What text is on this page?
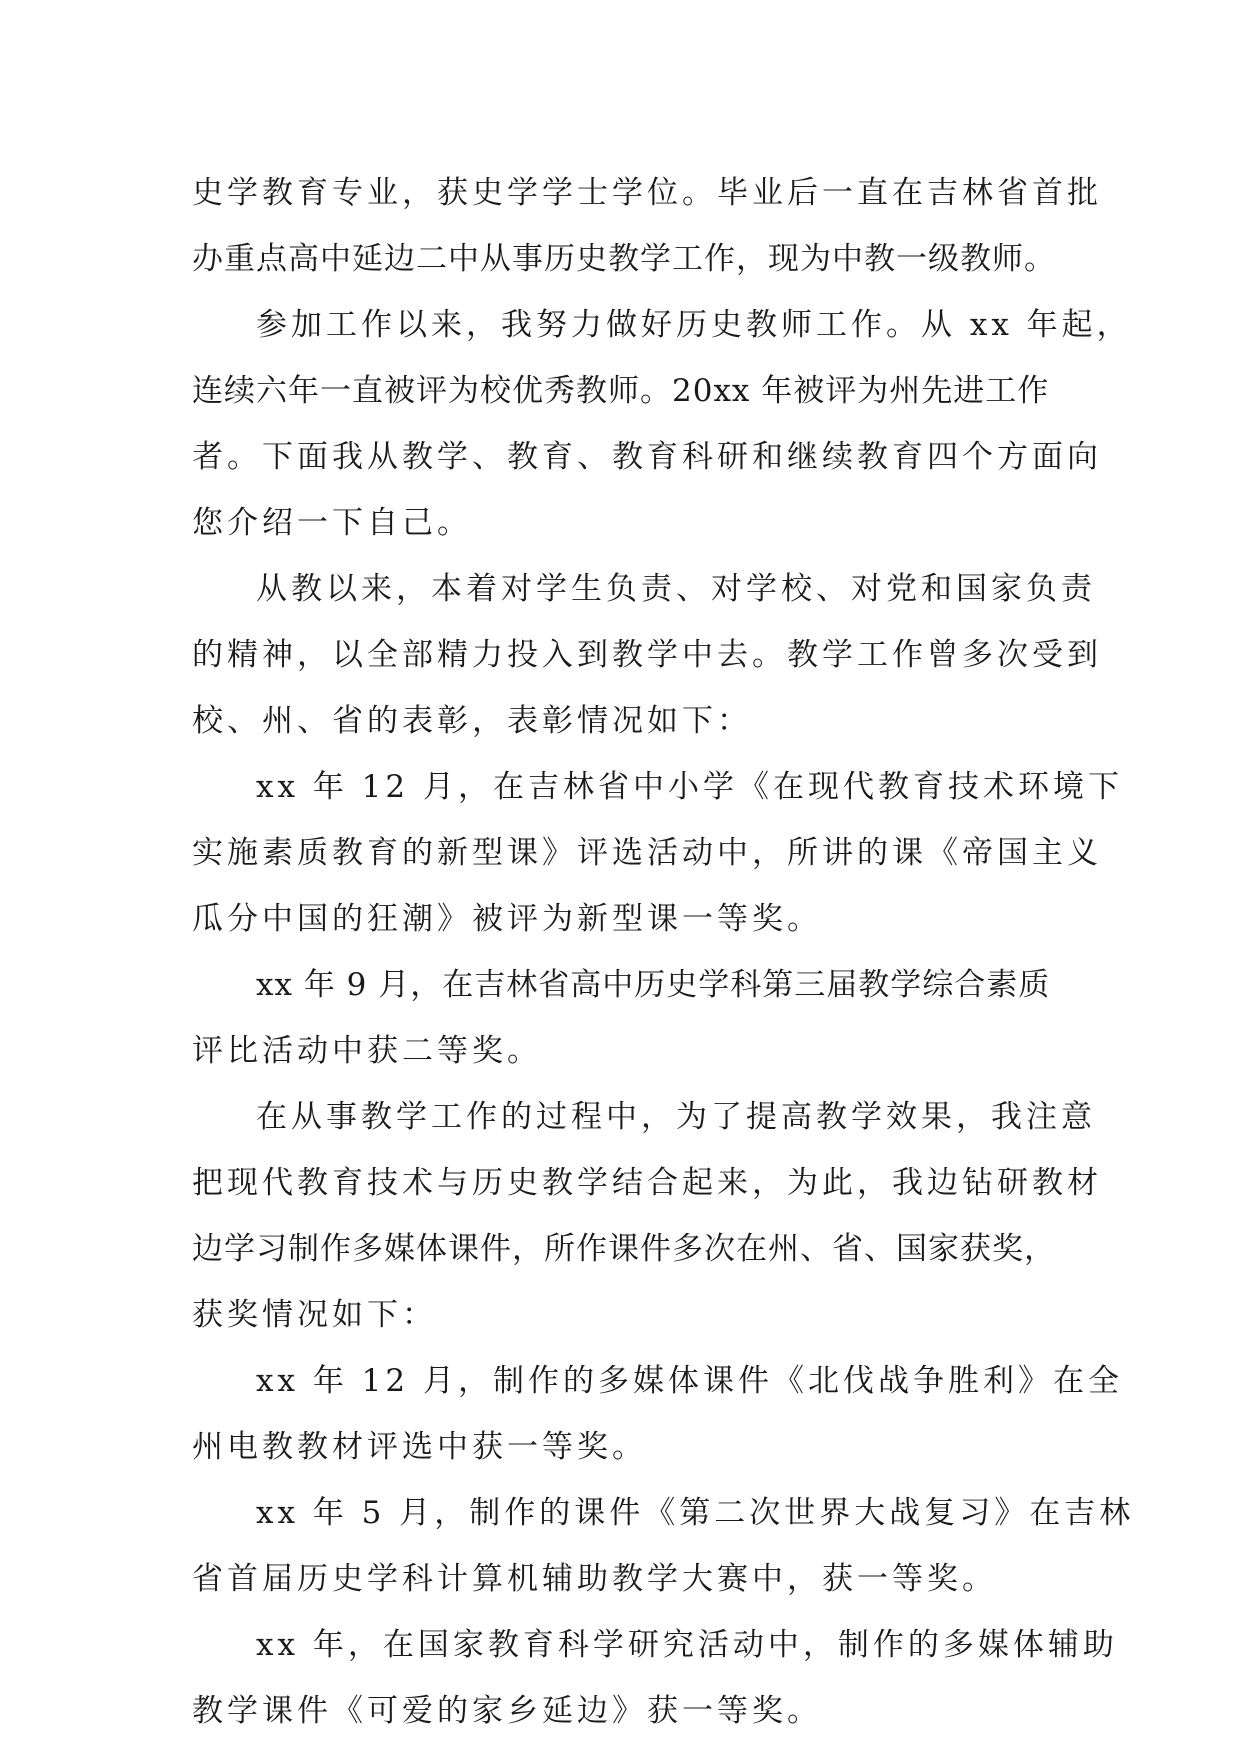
史学教育专业，获史学学士学位。毕业后一直在吉林省首批
办重点高中延边二中从事历史教学工作，现为中教一级教师。
参加工作以来，我努力做好历史教师工作。从 xx 年起，
连续六年一直被评为校优秀教师。20xx 年被评为州先进工作
者。下面我从教学、教育、教育科研和继续教育四个方面向
您介绍一下自己。
从教以来，本着对学生负责、对学校、对党和国家负责
的精神，以全部精力投入到教学中去。教学工作曾多次受到
校、州、省的表彰，表彰情况如下：
xx 年 12 月，在吉林省中小学《在现代教育技术环境下
实施素质教育的新型课》评选活动中，所讲的课《帝国主义
瓜分中国的狂潮》被评为新型课一等奖。
xx 年 9 月，在吉林省高中历史学科第三届教学综合素质
评比活动中获二等奖。
在从事教学工作的过程中，为了提高教学效果，我注意
把现代教育技术与历史教学结合起来，为此，我边钻研教材
边学习制作多媒体课件，所作课件多次在州、省、国家获奖，
获奖情况如下：
xx 年 12 月，制作的多媒体课件《北伐战争胜利》在全
州电教教材评选中获一等奖。
xx 年 5 月，制作的课件《第二次世界大战复习》在吉林
省首届历史学科计算机辅助教学大赛中，获一等奖。
xx 年，在国家教育科学研究活动中，制作的多媒体辅助
教学课件《可爱的家乡延边》获一等奖。
